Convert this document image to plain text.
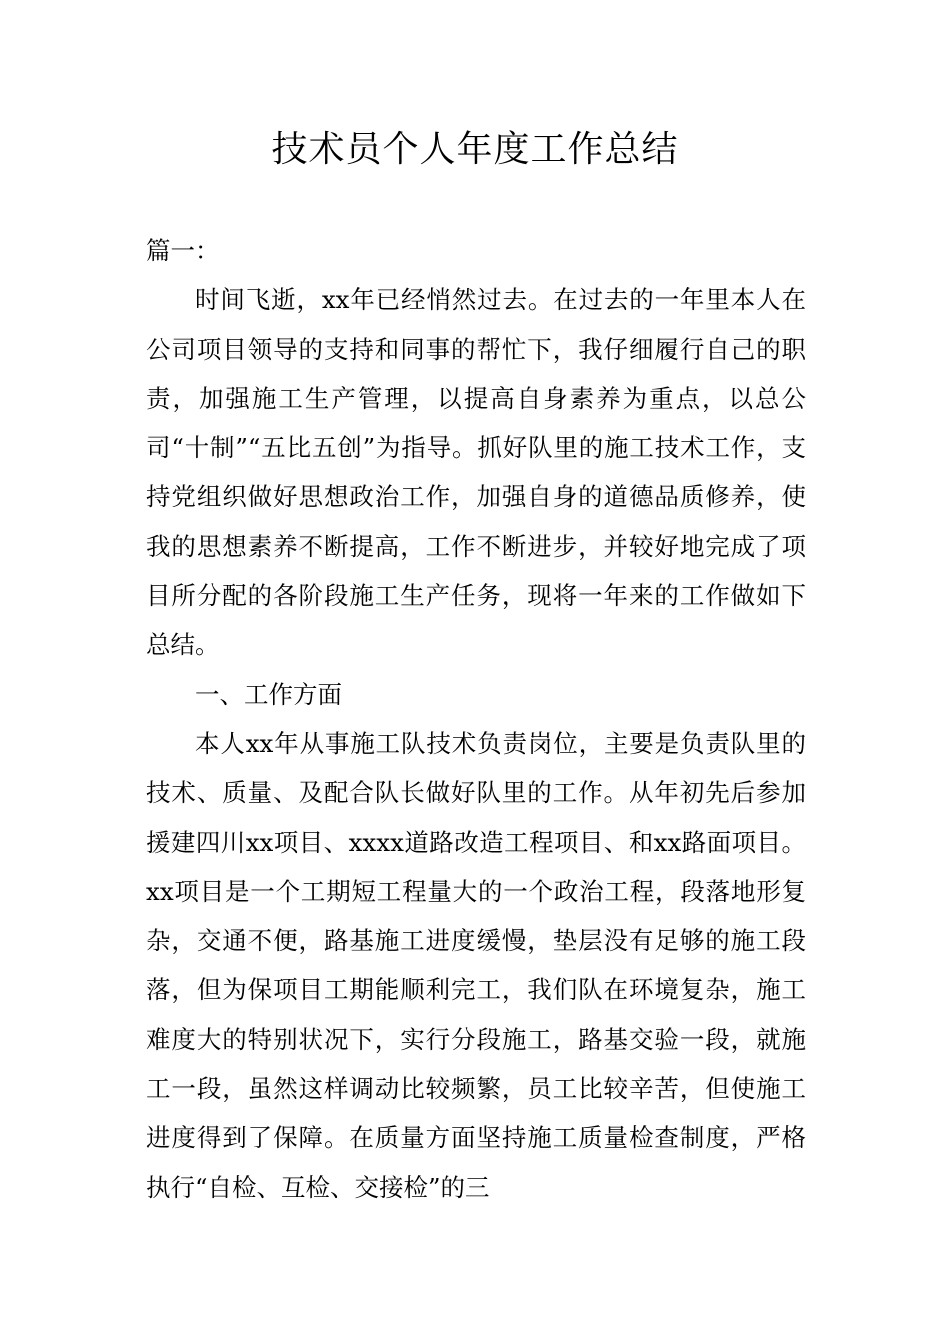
技术员个人年度工作总结

篇一：

时间飞逝，xx年已经悄然过去。在过去的一年里本人在公司项目领导的支持和同事的帮忙下，我仔细履行自己的职责，加强施工生产管理，以提高自身素养为重点，以总公司“十制”“五比五创”为指导。抓好队里的施工技术工作，支持党组织做好思想政治工作，加强自身的道德品质修养，使我的思想素养不断提高，工作不断进步，并较好地完成了项目所分配的各阶段施工生产任务，现将一年来的工作做如下总结。

一、工作方面

本人xx年从事施工队技术负责岗位，主要是负责队里的技术、质量、及配合队长做好队里的工作。从年初先后参加援建四川xx项目、xxxx道路改造工程项目、和xx路面项目。xx项目是一个工期短工程量大的一个政治工程，段落地形复杂，交通不便，路基施工进度缓慢，垫层没有足够的施工段落，但为保项目工期能顺利完工，我们队在环境复杂，施工难度大的特别状况下，实行分段施工，路基交验一段，就施工一段，虽然这样调动比较频繁，员工比较辛苦，但使施工进度得到了保障。在质量方面坚持施工质量检查制度，严格执行“自检、互检、交接检”的三
